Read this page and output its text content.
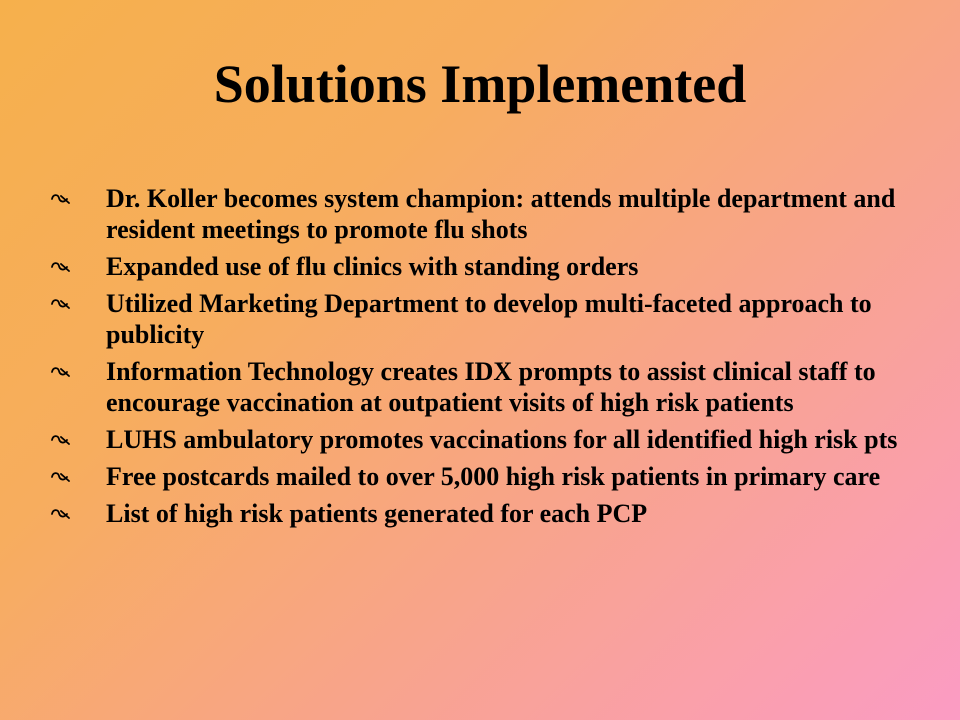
Solutions Implemented
Dr. Koller becomes system champion: attends multiple department and resident meetings to promote flu shots
Expanded use of flu clinics with standing orders
Utilized Marketing Department to develop multi-faceted approach to publicity
Information Technology creates IDX prompts to assist clinical staff to encourage vaccination at outpatient visits of high risk patients
LUHS ambulatory promotes vaccinations for all identified high risk pts
Free postcards mailed to over 5,000 high risk patients in primary care
List of high risk patients generated for each PCP
